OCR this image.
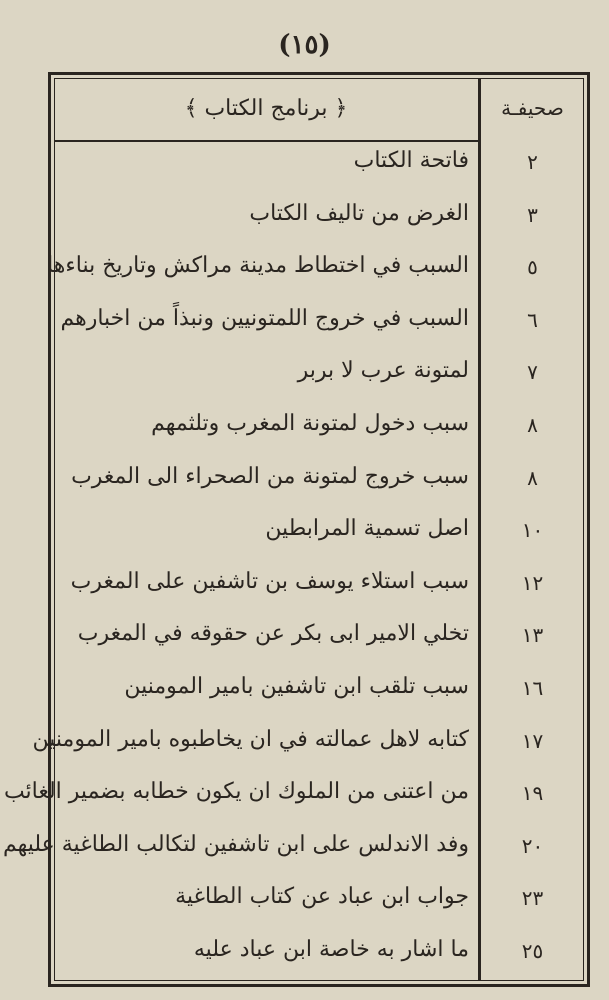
(١٥)
﴿ برنامج الكتاب ﴾	صحيفـة
فاتحة الكتاب	٢
الغرض من تاليف الكتاب	٣
السبب في اختطاط مدينة مراكش وتاريخ بناءها	٥
السبب في خروج اللمتونيين ونبذاً من اخبارهم	٦
لمتونة عرب لا بربر	٧
سبب دخول لمتونة المغرب وتلثمهم	٨
سبب خروج لمتونة من الصحراء الى المغرب	٨
اصل تسمية المرابطين	١٠
سبب استلاء يوسف بن تاشفين على المغرب	١٢
تخلي الامير ابى بكر عن حقوقه في المغرب	١٣
سبب تلقب ابن تاشفين بامير المومنين	١٦
كتابه لاهل عمالته في ان يخاطبوه بامير المومنين	١٧
من اعتنى من الملوك ان يكون خطابه بضمير الغائب	١٩
وفد الاندلس على ابن تاشفين لتكالب الطاغية عليهم	٢٠
جواب ابن عباد عن كتاب الطاغية	٢٣
ما اشار به خاصة ابن عباد عليه	٢٥
